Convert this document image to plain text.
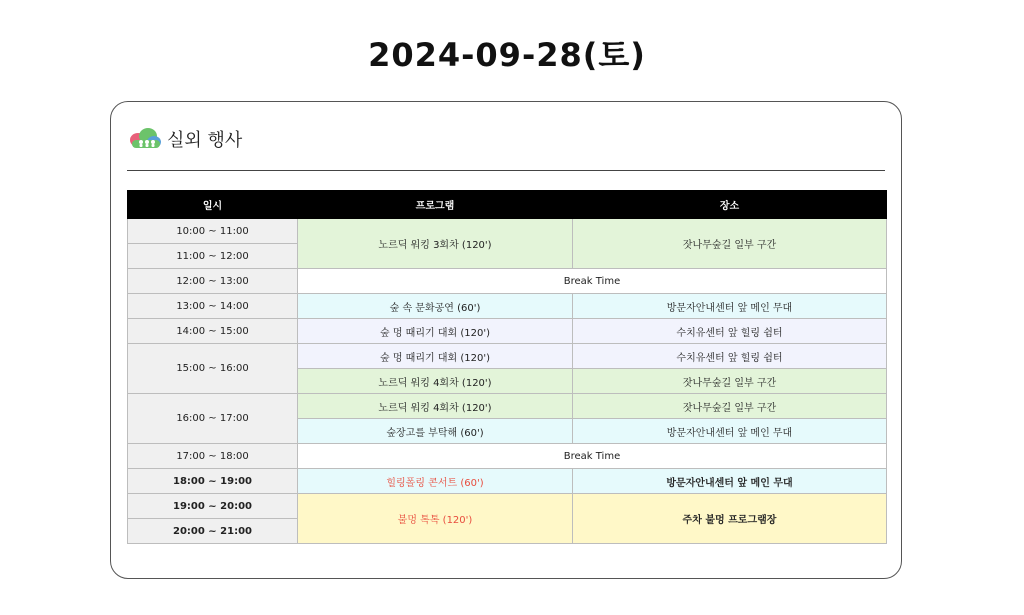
2024-09-28(토)
실외 행사
일시	프로그램	장소
10:00 ~ 11:00	노르딕 워킹 3회차 (120')	잣나무숲길 일부 구간
11:00 ~ 12:00		
12:00 ~ 13:00	Break Time	
13:00 ~ 14:00	숲 속 문화공연 (60')	방문자안내센터 앞 메인 무대
14:00 ~ 15:00	숲 멍 때리기 대회 (120')	수치유센터 앞 힐링 쉼터
15:00 ~ 16:00	숲 멍 때리기 대회 (120')	수치유센터 앞 힐링 쉼터
	노르딕 워킹 4회차 (120')	잣나무숲길 일부 구간
16:00 ~ 17:00	노르딕 워킹 4회차 (120')	잣나무숲길 일부 구간
	숲장고를 부탁해 (60')	방문자안내센터 앞 메인 무대
17:00 ~ 18:00	Break Time	
18:00 ~ 19:00	힐링폴링 콘서트 (60')	방문자안내센터 앞 메인 무대
19:00 ~ 20:00	불멍 톡톡 (120')	주차 불멍 프로그램장
20:00 ~ 21:00		
